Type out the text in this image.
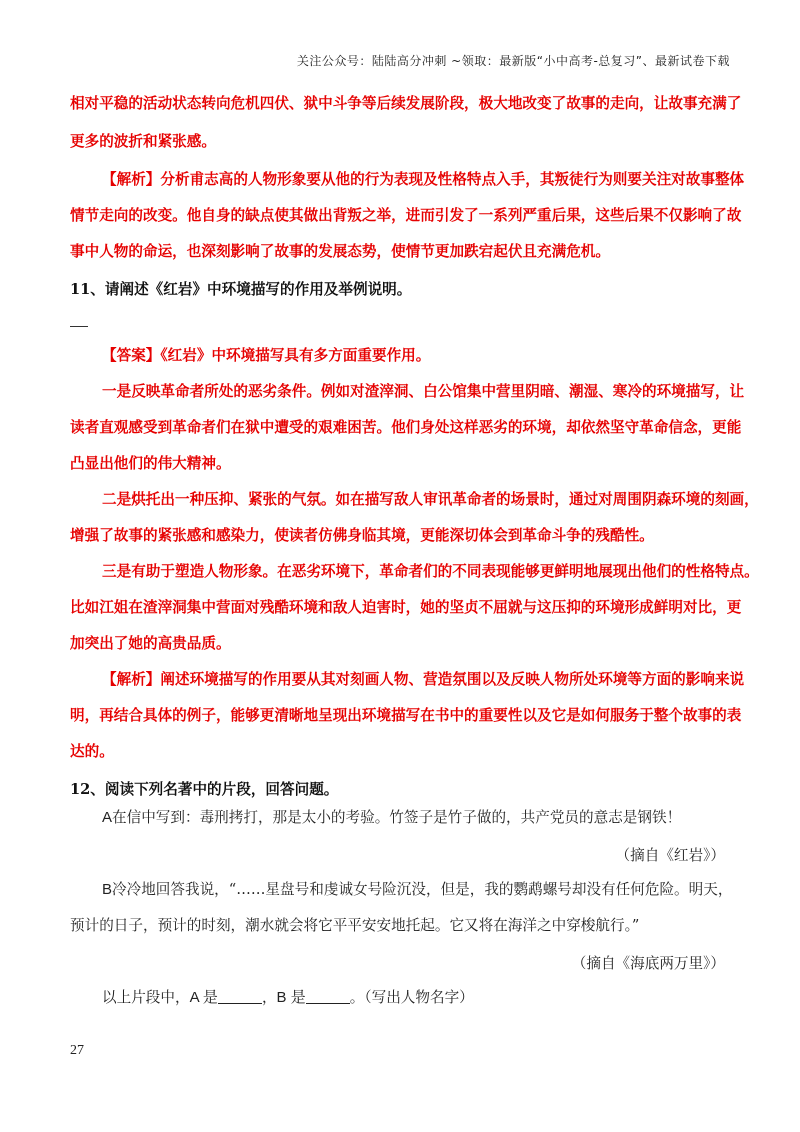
关注公众号：陆陆高分冲刺 ~领取：最新版“小中高考-总复习”、最新试卷下载
相对平稳的活动状态转向危机四伏、狱中斗争等后续发展阶段，极大地改变了故事的走向，让故事充满了
更多的波折和紧张感。
【解析】分析甫志高的人物形象要从他的行为表现及性格特点入手，其叛徒行为则要关注对故事整体
情节走向的改变。他自身的缺点使其做出背叛之举，进而引发了一系列严重后果，这些后果不仅影响了故
事中人物的命运，也深刻影响了故事的发展态势，使情节更加跌宕起伏且充满危机。
11、请阐述《红岩》中环境描写的作用及举例说明。
【答案】《红岩》中环境描写具有多方面重要作用。
一是反映革命者所处的恶劣条件。例如对渣滓洞、白公馆集中营里阴暗、潮湿、寒冷的环境描写，让
读者直观感受到革命者们在狱中遭受的艰难困苦。他们身处这样恶劣的环境，却依然坚守革命信念，更能
凸显出他们的伟大精神。
二是烘托出一种压抑、紧张的气氛。如在描写敌人审讯革命者的场景时，通过对周围阴森环境的刻画，
增强了故事的紧张感和感染力，使读者仿佛身临其境，更能深切体会到革命斗争的残酷性。
三是有助于塑造人物形象。在恶劣环境下，革命者们的不同表现能够更鲜明地展现出他们的性格特点。
比如江姐在渣滓洞集中营面对残酷环境和敌人迫害时，她的坚贞不屈就与这压抑的环境形成鲜明对比，更
加突出了她的高贵品质。
【解析】阐述环境描写的作用要从其对刻画人物、营造氛围以及反映人物所处环境等方面的影响来说
明，再结合具体的例子，能够更清晰地呈现出环境描写在书中的重要性以及它是如何服务于整个故事的表
达的。
12、阅读下列名著中的片段，回答问题。
A在信中写到：毒刑拷打，那是太小的考验。竹签子是竹子做的，共产党员的意志是钢铁！
（摘自《红岩》）
B冷冷地回答我说，“……星盘号和虔诚女号险沉没，但是，我的鹦鹉螺号却没有任何危险。明天，
预计的日子，预计的时刻，潮水就会将它平平安安地托起。它又将在海洋之中穿梭航行。”
（摘自《海底两万里》）
以上片段中，A 是	，B 是	。（写出人物名字）
27
